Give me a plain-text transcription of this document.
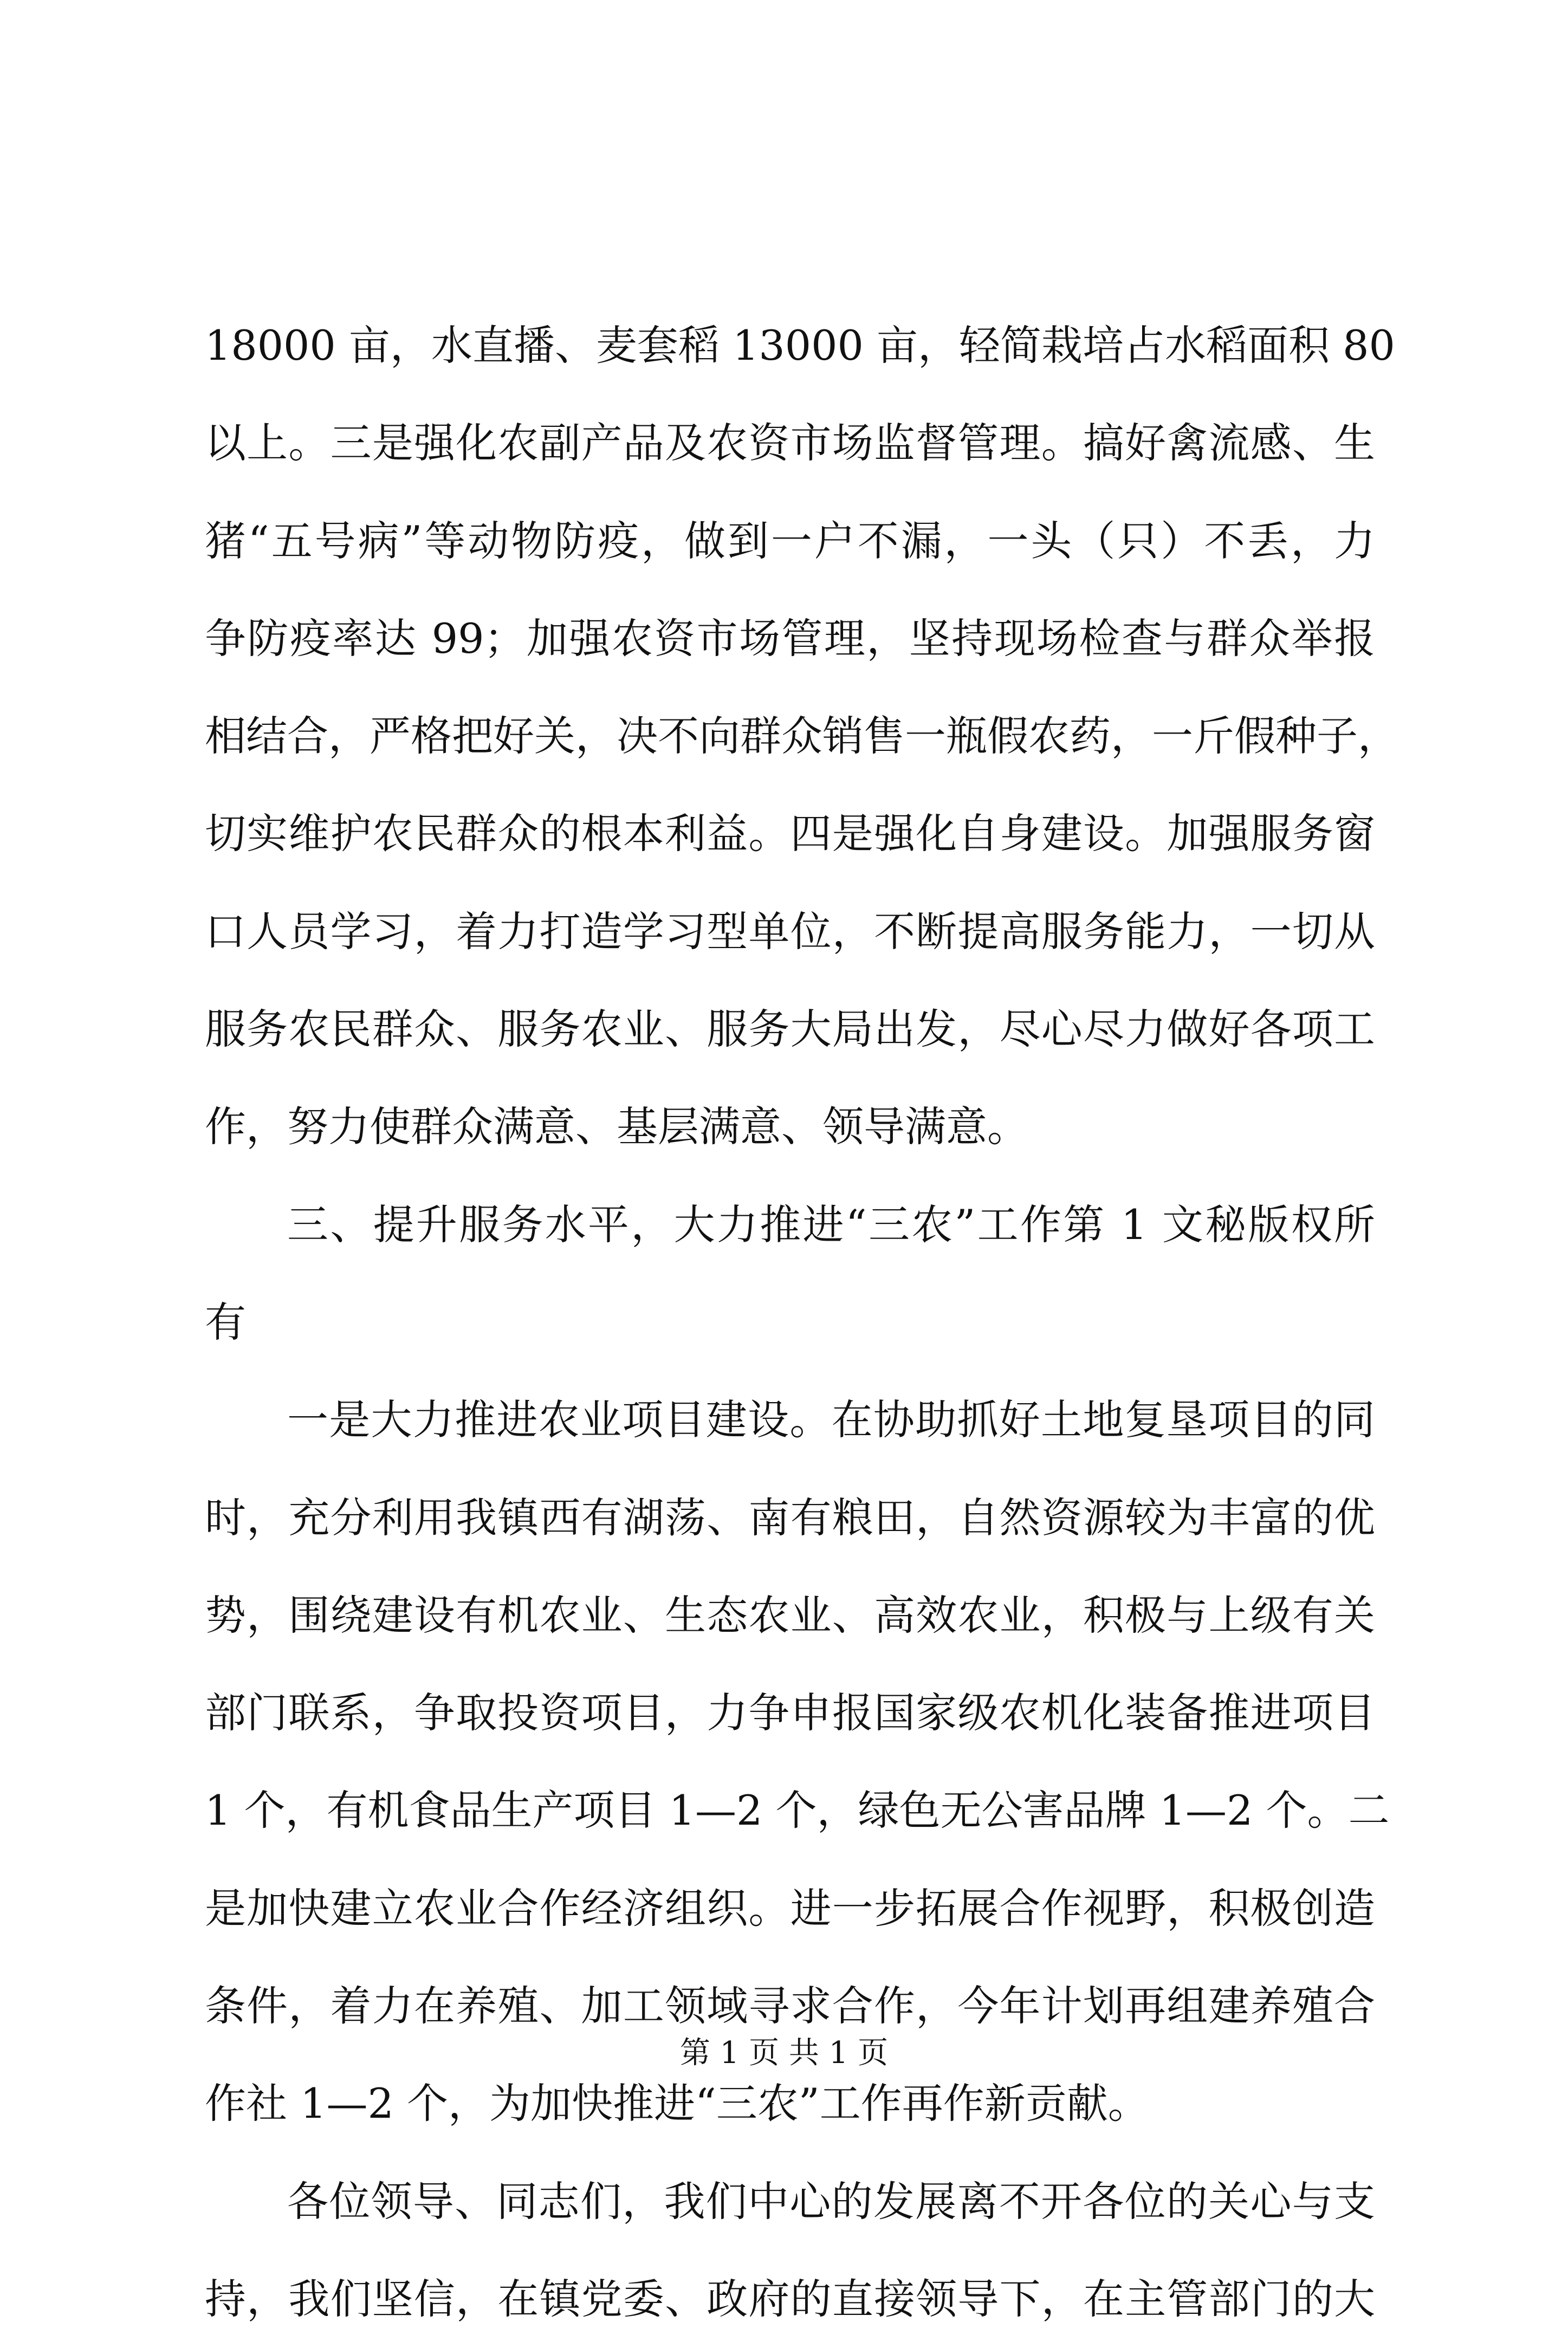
18000 亩，水直播、麦套稻 13000 亩，轻简栽培占水稻面积 80
以上。三是强化农副产品及农资市场监督管理。搞好禽流感、生
猪“五号病”等动物防疫，做到一户不漏，一头（只）不丢，力
争防疫率达 99；加强农资市场管理，坚持现场检查与群众举报
相结合，严格把好关，决不向群众销售一瓶假农药，一斤假种子，
切实维护农民群众的根本利益。四是强化自身建设。加强服务窗
口人员学习，着力打造学习型单位，不断提高服务能力，一切从
服务农民群众、服务农业、服务大局出发，尽心尽力做好各项工
作，努力使群众满意、基层满意、领导满意。
三、提升服务水平，大力推进“三农”工作第 1 文秘版权所
有
一是大力推进农业项目建设。在协助抓好土地复垦项目的同
时，充分利用我镇西有湖荡、南有粮田，自然资源较为丰富的优
势，围绕建设有机农业、生态农业、高效农业，积极与上级有关
部门联系，争取投资项目，力争申报国家级农机化装备推进项目
1 个，有机食品生产项目 1—2 个，绿色无公害品牌 1—2 个。二
是加快建立农业合作经济组织。进一步拓展合作视野，积极创造
条件，着力在养殖、加工领域寻求合作，今年计划再组建养殖合
作社 1—2 个，为加快推进“三农”工作再作新贡献。
各位领导、同志们，我们中心的发展离不开各位的关心与支
持，我们坚信，在镇党委、政府的直接领导下，在主管部门的大
第 1 页 共 1 页
